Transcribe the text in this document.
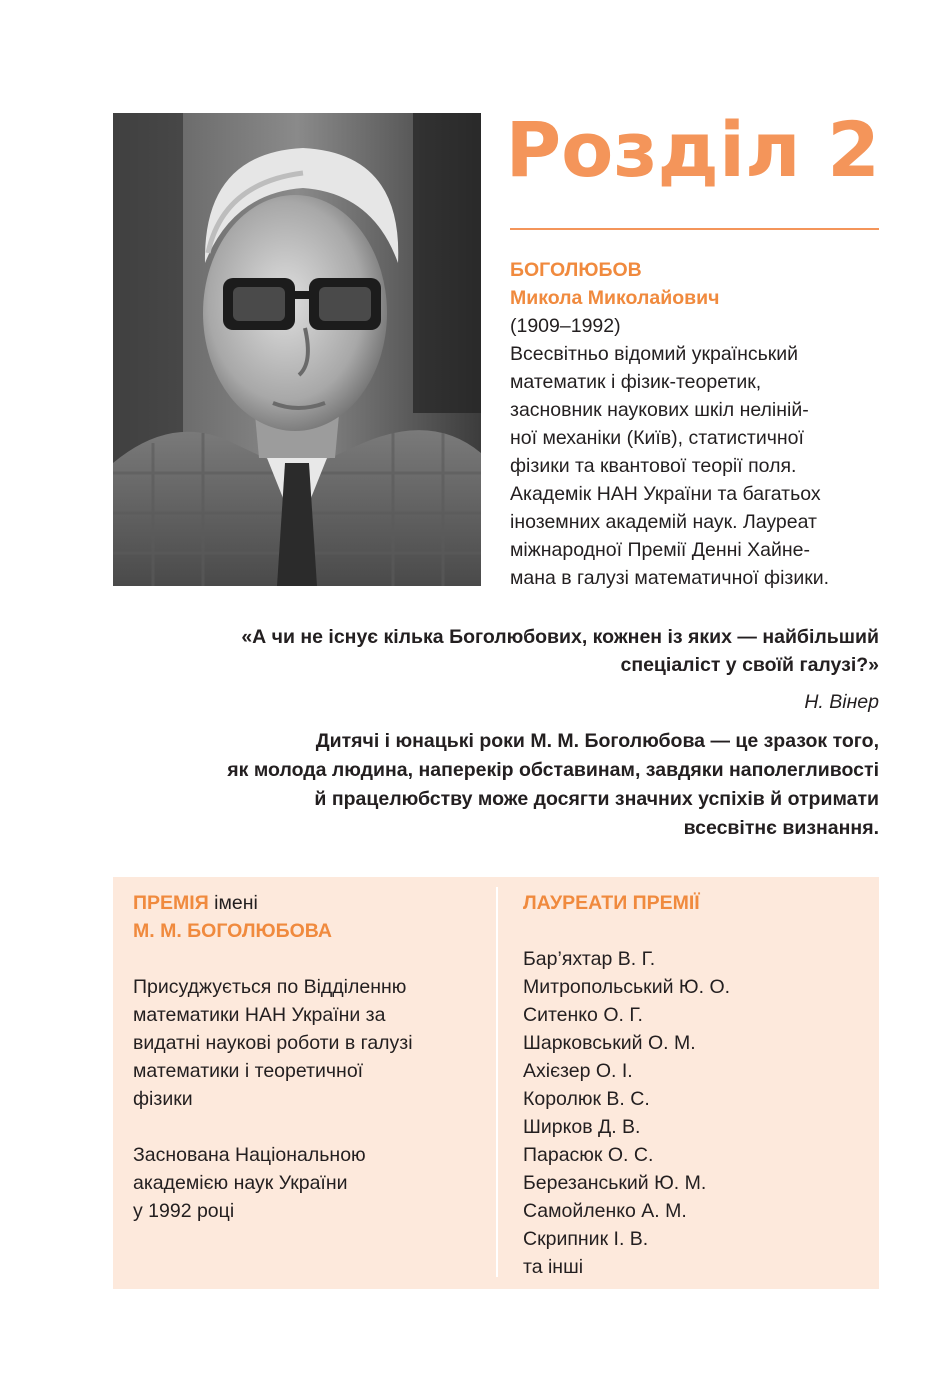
Розділ 2
БОГОЛЮБОВ
Микола Миколайович
(1909–1992)
Всесвітньо відомий український
математик і фізик-теоретик,
засновник наукових шкіл нелiнiй-
ної механіки (Київ), статистичної
фізики та квантової теорії поля.
Академік НАН України та багатьох
іноземних академій наук. Лауреат
міжнародної Премії Денні Хайне-
мана в галузі математичної фізики.
«А чи не існує кілька Боголюбових, кожнен із яких — найбільший
спеціаліст у своїй галузі?»
Н. Вінер
Дитячі і юнацькі роки М. М. Боголюбова — це зразок того,
як молода людина, наперекір обставинам, завдяки наполегливості
й працелюбству може досягти значних успіхів й отримати
всесвітнє визнання.
ПРЕМІЯ імені
М. М. БОГОЛЮБОВА
Присуджується по Відділенню
математики НАН України за
видатні наукові роботи в галузі
математики і теоретичної
фізики
Заснована Національною
академією наук України
у 1992 році
ЛАУРЕАТИ ПРЕМІЇ
Бар’яхтар В. Г.
Митропольський Ю. О.
Ситенко О. Г.
Шарковський О. М.
Ахієзер О. І.
Королюк В. С.
Ширков Д. В.
Парасюк О. С.
Березанський Ю. М.
Самойленко А. М.
Скрипник І. В.
та інші
